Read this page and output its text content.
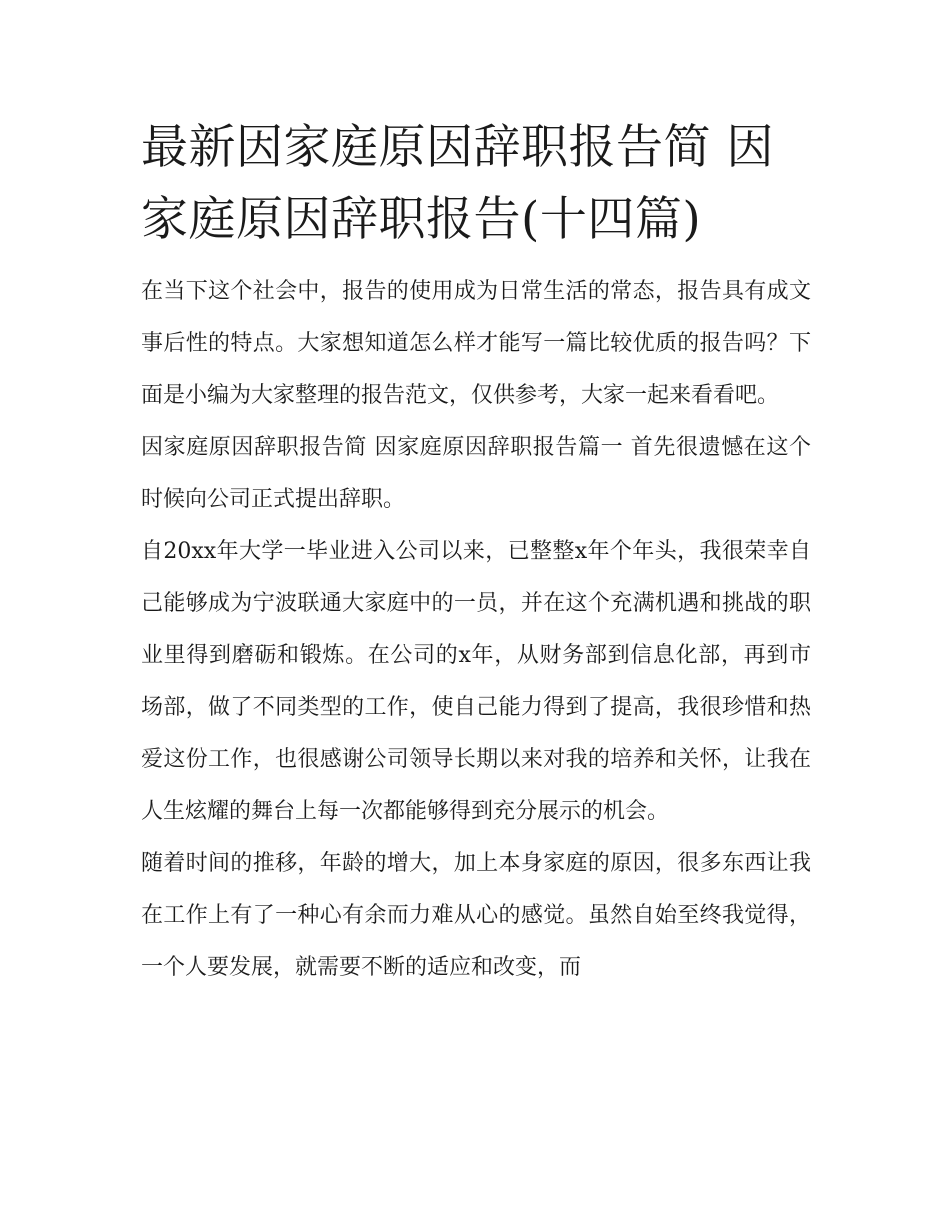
最新因家庭原因辞职报告简 因家庭原因辞职报告(十四篇)

在当下这个社会中，报告的使用成为日常生活的常态，报告具有成文事后性的特点。大家想知道怎么样才能写一篇比较优质的报告吗？下面是小编为大家整理的报告范文，仅供参考，大家一起来看看吧。

因家庭原因辞职报告简 因家庭原因辞职报告篇一 首先很遗憾在这个时候向公司正式提出辞职。

自20xx年大学一毕业进入公司以来，已整整x年个年头，我很荣幸自己能够成为宁波联通大家庭中的一员，并在这个充满机遇和挑战的职业里得到磨砺和锻炼。在公司的x年，从财务部到信息化部，再到市场部，做了不同类型的工作，使自己能力得到了提高，我很珍惜和热爱这份工作，也很感谢公司领导长期以来对我的培养和关怀，让我在人生炫耀的舞台上每一次都能够得到充分展示的机会。

随着时间的推移，年龄的增大，加上本身家庭的原因，很多东西让我在工作上有了一种心有余而力难从心的感觉。虽然自始至终我觉得，一个人要发展，就需要不断的适应和改变，而
